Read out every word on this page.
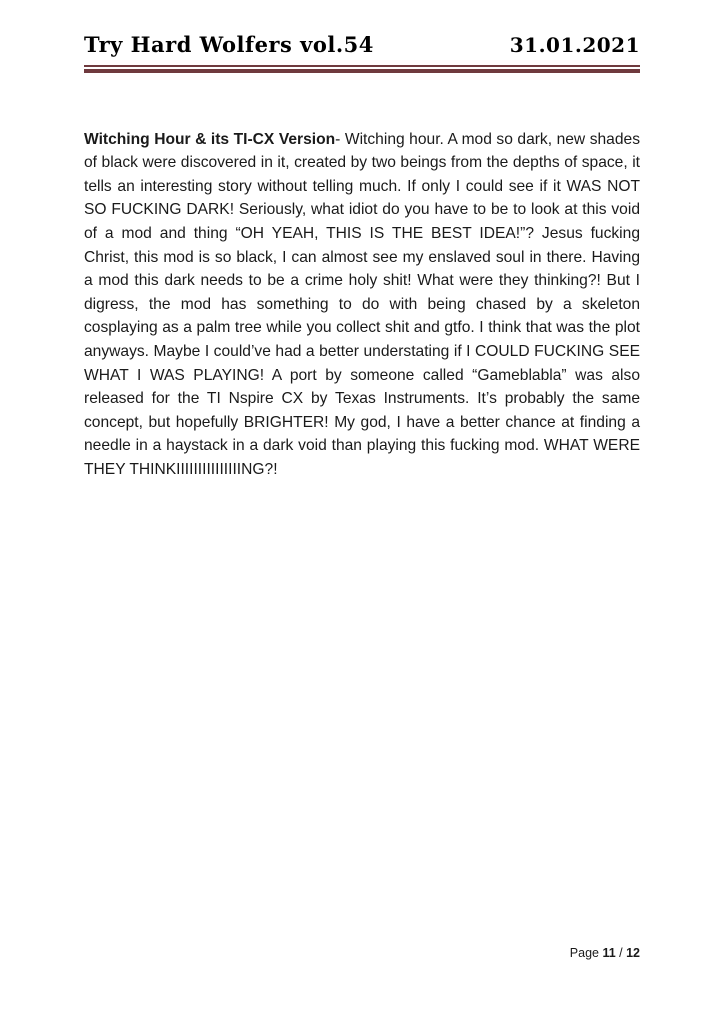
Try Hard Wolfers vol.54	31.01.2021

Witching Hour & its TI-CX Version- Witching hour. A mod so dark, new shades of black were discovered in it, created by two beings from the depths of space, it tells an interesting story without telling much. If only I could see if it WAS NOT SO FUCKING DARK! Seriously, what idiot do you have to be to look at this void of a mod and thing “OH YEAH, THIS IS THE BEST IDEA!”? Jesus fucking Christ, this mod is so black, I can almost see my enslaved soul in there. Having a mod this dark needs to be a crime holy shit! What were they thinking?! But I digress, the mod has something to do with being chased by a skeleton cosplaying as a palm tree while you collect shit and gtfo. I think that was the plot anyways. Maybe I could’ve had a better understating if I COULD FUCKING SEE WHAT I WAS PLAYING! A port by someone called “Gameblabla” was also released for the TI Nspire CX by Texas Instruments. It’s probably the same concept, but hopefully BRIGHTER! My god, I have a better chance at finding a needle in a haystack in a dark void than playing this fucking mod. WHAT WERE THEY THINKIIIIIIIIIIIIIIING?!

Page 11 / 12
